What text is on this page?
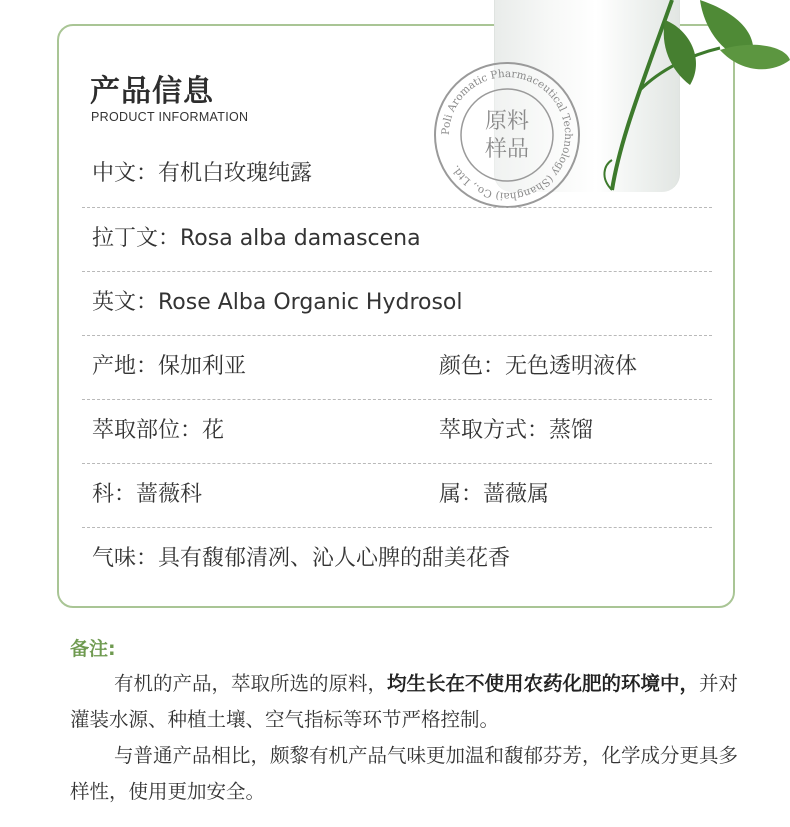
Poli Aromatic Pharmaceutical Technology (Shanghai) Co., Ltd.
原料
样品
产品信息
PRODUCT INFORMATION
中文：有机白玫瑰纯露
拉丁文：Rosa alba damascena
英文：Rose Alba Organic Hydrosol
产地：保加利亚	颜色：无色透明液体
萃取部位：花	萃取方式：蒸馏
科：蔷薇科	属：蔷薇属
气味：具有馥郁清冽、沁人心脾的甜美花香
备注:
有机的产品，萃取所选的原料，均生长在不使用农药化肥的环境中，并对灌装水源、种植土壤、空气指标等环节严格控制。
与普通产品相比，颇黎有机产品气味更加温和馥郁芬芳，化学成分更具多样性，使用更加安全。
